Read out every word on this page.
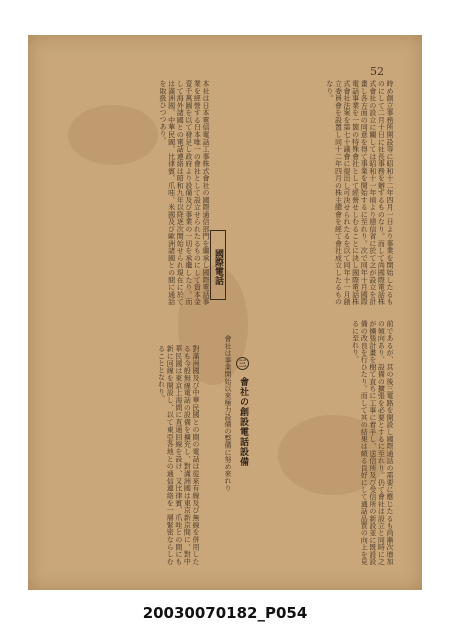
52
時め創立事務所開設等に昭和十二年四月一日より事業を開始したるものにして二月十日に社長事務を辦ずるものなり。而して尚國際電話株式會社の設立に關しては昭和十一年頃より逓信省に於て之が設立を計畫し各方面の同意を得て事業を開始するに至れり。次で同年十月國際電話事業を一箇の特殊會社として經營せしむることに決し國際電話株式會社法案を第七十議會に提出し可決せられたるを以て同年十一月創立委員會を設置し同十二年四月の株主總會を經て會社成立したるものなり。
本社は日本電信電話工事株式會社の國際通信部門を繼承し國際電話事業を經營する日本唯一の會社として設立せられたるものにして資本金壹千萬圓を以て發足し政府より設備及び事業の一切を承繼したり。而して海外諸國との電話連絡は昭和九年以降逐次開始せられ現在に於ては滿洲國、中華民國、比律賓、爪哇、米國及び歐洲諸國との間に通話を取扱ひつつあり。
國際電話
三 會社の創設電話設備	前であるが、其の後三電路を開設し國際通話の需要に應じたるも尚漸次增加の傾向あり、設備の擴張を必要とするに至れり。仍て會社は設立と同時に之が擴張計畫を樹て直ちに工事に着手し、送信所及び受信所の新設並に既設設備の改良を行ひたり。而して其の結果は頗る良好にして通話品質の向上を見るに至れり。
會社は事業開始以來極力設備の整備に努め來れり
對滿洲國及び中華民國との間の電話は從來有線及び無線を併用したるも今般無線電話の設備を擴充し、對滿洲國は東京新京間に、對中華民國は東京上海間に直通回線を設け、又比律賓、爪哇との間にも新に回線を開設し、以て東亞各地との通信連絡を一層緊密ならしむることとなれり。
20030070182_P054
